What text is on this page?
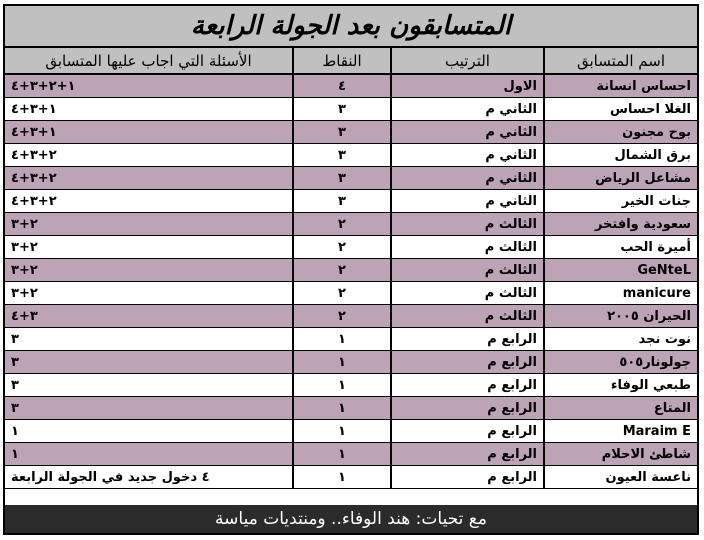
المتسابقون بعد الجولة الرابعة
اسم المتسابق	الترتيب	النقاط	الأسئلة التي اجاب عليها المتسابق
احساس انسانة	الاول	٤	١+٢+٣+٤
الغلا احساس	الثاني م	٣	١+٣+٤
بوح مجنون	الثاني م	٣	١+٣+٤
برق الشمال	الثاني م	٣	٢+٣+٤
مشاعل الرياض	الثاني م	٣	٢+٣+٤
جنات الخير	الثاني م	٣	٢+٣+٤
سعودية وافتخر	الثالث م	٢	٢+٣
أميرة الحب	الثالث م	٢	٢+٣
GeNteL	الثالث م	٢	٢+٣
manicure	الثالث م	٢	٢+٣
الحيران ٢٠٠٥	الثالث م	٢	٣+٤
نوت نجد	الرابع م	١	٣
جولونار٥٠٥	الرابع م	١	٣
طبعي الوفاء	الرابع م	١	٣
المتاع	الرابع م	١	٣
Maraim E	الرابع م	١	١
شاطئ الاحلام	الرابع م	١	١
ناعسة العيون	الرابع م	١	٤ دخول جديد في الجولة الرابعة
مع تحيات: هند الوفاء.. ومنتديات مياسة
